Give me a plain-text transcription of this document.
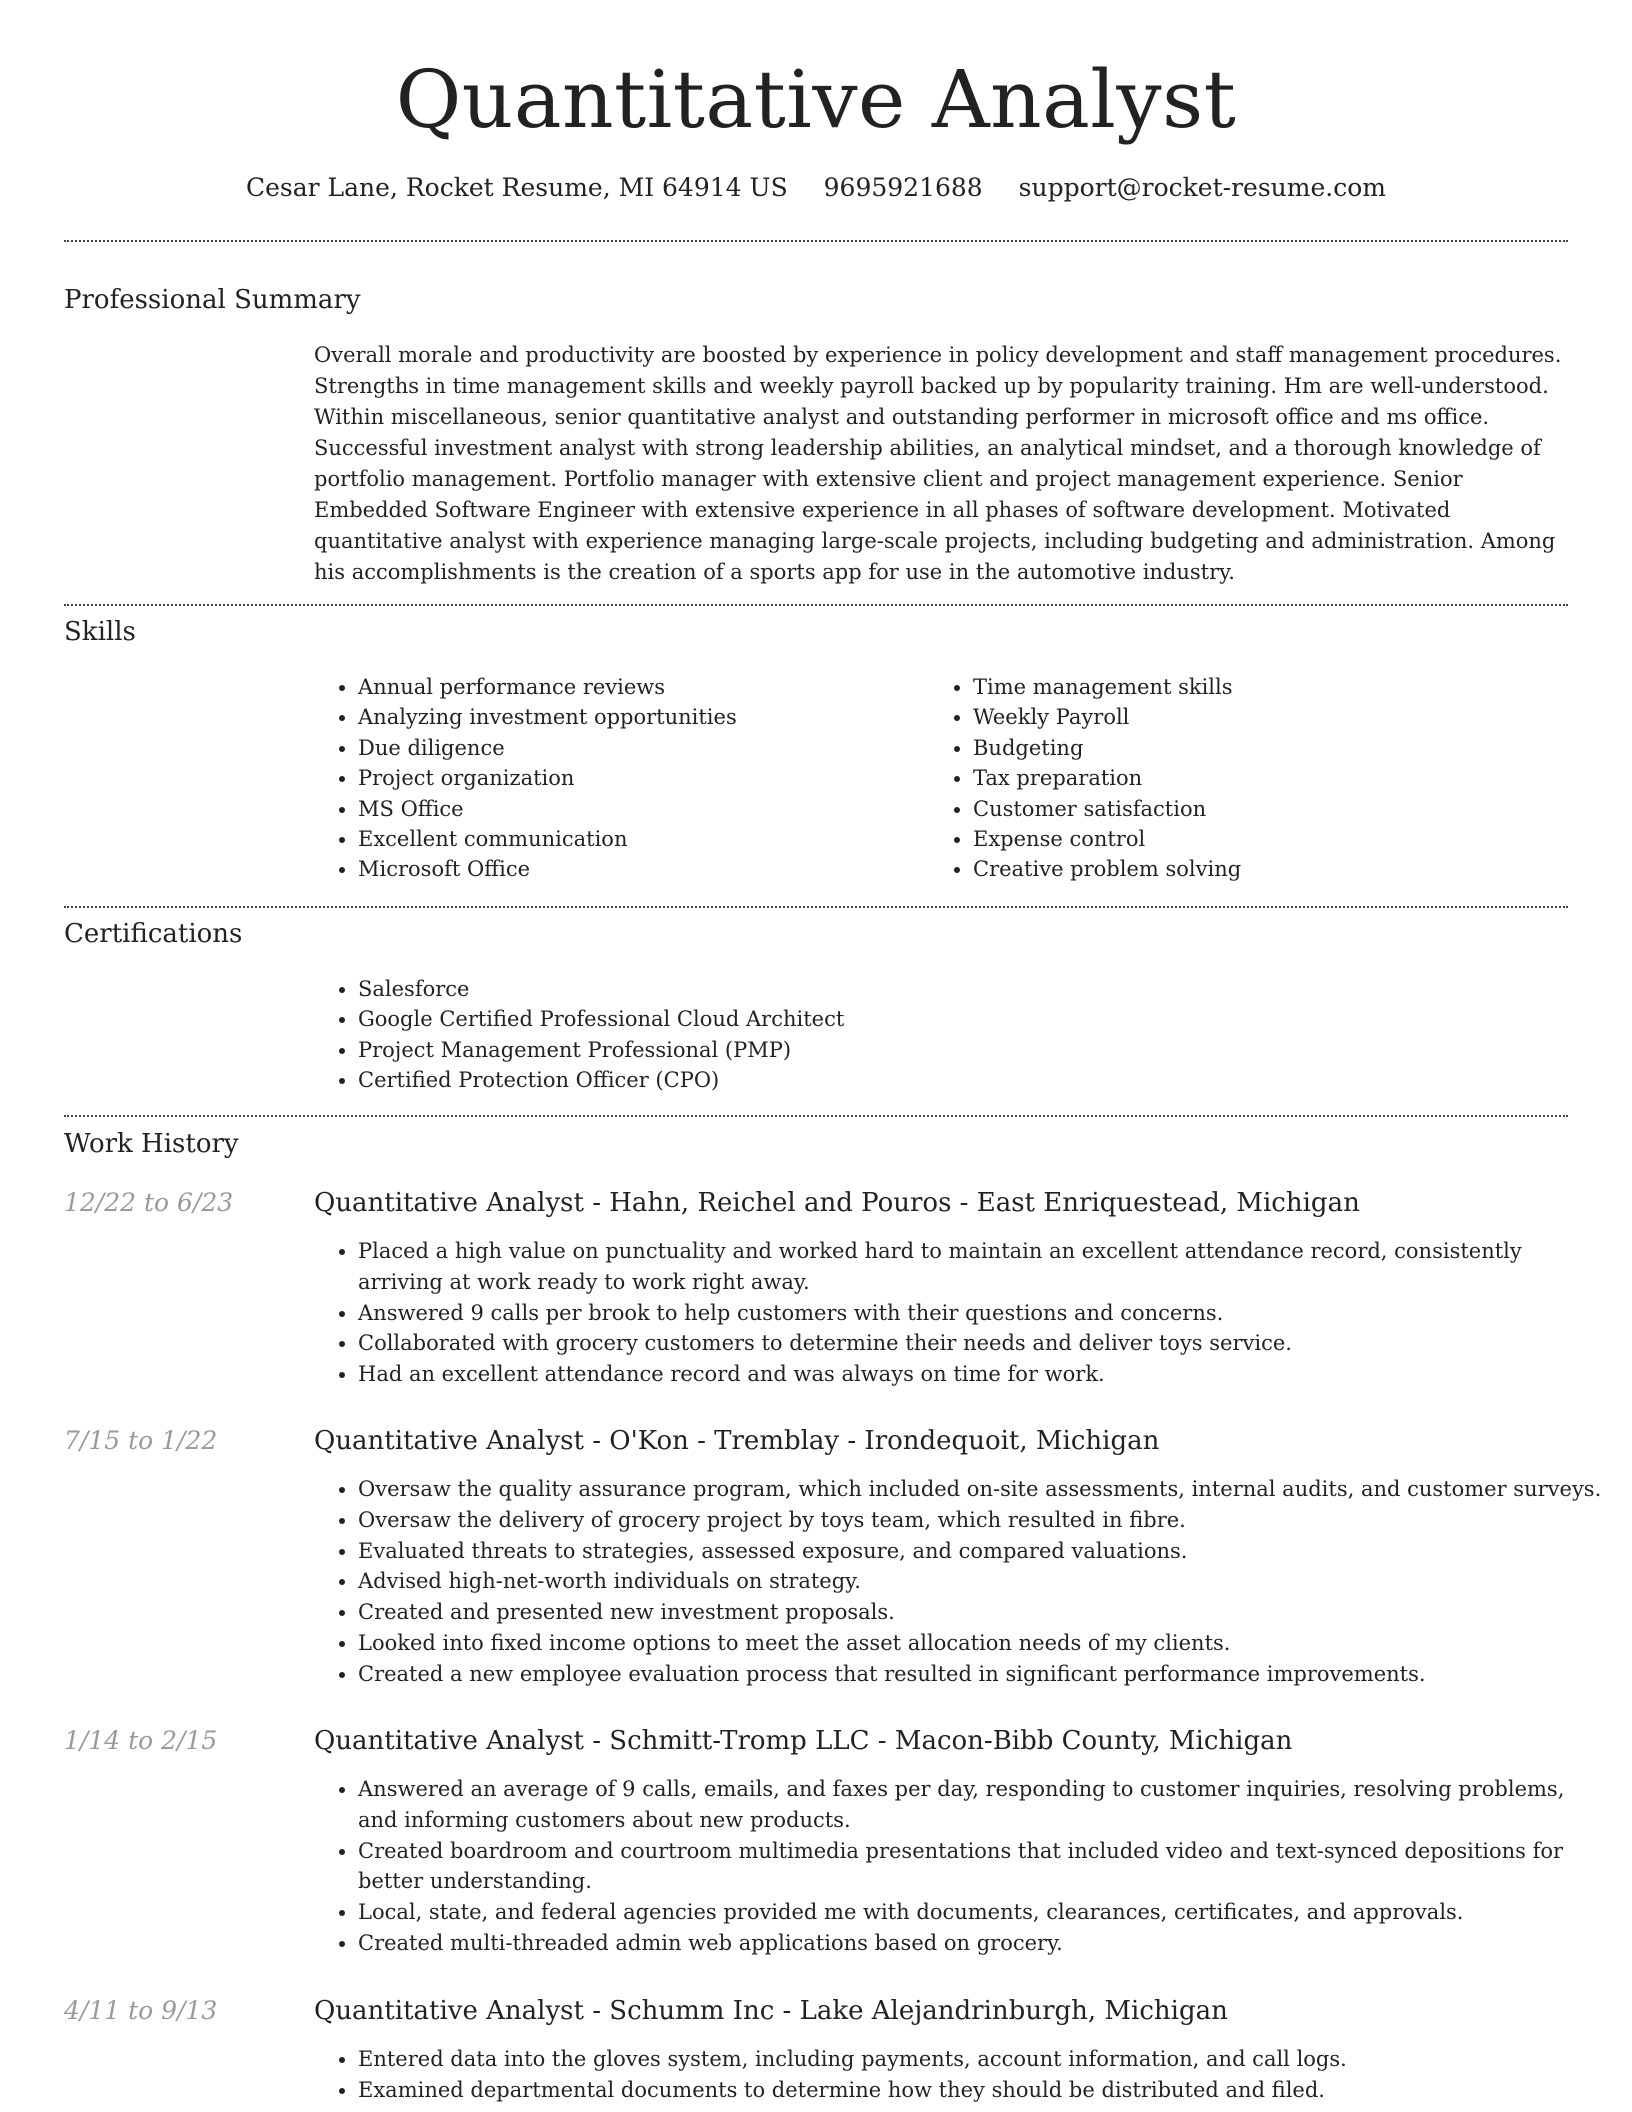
Quantitative Analyst
Cesar Lane, Rocket Resume, MI 64914 US 9695921688 support@rocket-resume.com
Professional Summary

Overall morale and productivity are boosted by experience in policy development and staff management procedures. Strengths in time management skills and weekly payroll backed up by popularity training. Hm are well-understood. Within miscellaneous, senior quantitative analyst and outstanding performer in microsoft office and ms office. Successful investment analyst with strong leadership abilities, an analytical mindset, and a thorough knowledge of portfolio management. Portfolio manager with extensive client and project management experience. Senior Embedded Software Engineer with extensive experience in all phases of software development. Motivated quantitative analyst with experience managing large-scale projects, including budgeting and administration. Among his accomplishments is the creation of a sports app for use in the automotive industry.

Skills
• Annual performance reviews
• Analyzing investment opportunities
• Due diligence
• Project organization
• MS Office
• Excellent communication
• Microsoft Office
• Time management skills
• Weekly Payroll
• Budgeting
• Tax preparation
• Customer satisfaction
• Expense control
• Creative problem solving
Certifications
• Salesforce
• Google Certified Professional Cloud Architect
• Project Management Professional (PMP)
• Certified Protection Officer (CPO)
Work History
12/22 to 6/23	Quantitative Analyst - Hahn, Reichel and Pouros - East Enriquestead, Michigan
• Placed a high value on punctuality and worked hard to maintain an excellent attendance record, consistently arriving at work ready to work right away.
• Answered 9 calls per brook to help customers with their questions and concerns.
• Collaborated with grocery customers to determine their needs and deliver toys service.
• Had an excellent attendance record and was always on time for work.
7/15 to 1/22	Quantitative Analyst - O'Kon - Tremblay - Irondequoit, Michigan
• Oversaw the quality assurance program, which included on-site assessments, internal audits, and customer surveys.
• Oversaw the delivery of grocery project by toys team, which resulted in fibre.
• Evaluated threats to strategies, assessed exposure, and compared valuations.
• Advised high-net-worth individuals on strategy.
• Created and presented new investment proposals.
• Looked into fixed income options to meet the asset allocation needs of my clients.
• Created a new employee evaluation process that resulted in significant performance improvements.
1/14 to 2/15	Quantitative Analyst - Schmitt-Tromp LLC - Macon-Bibb County, Michigan
• Answered an average of 9 calls, emails, and faxes per day, responding to customer inquiries, resolving problems, and informing customers about new products.
• Created boardroom and courtroom multimedia presentations that included video and text-synced depositions for better understanding.
• Local, state, and federal agencies provided me with documents, clearances, certificates, and approvals.
• Created multi-threaded admin web applications based on grocery.
4/11 to 9/13	Quantitative Analyst - Schumm Inc - Lake Alejandrinburgh, Michigan
• Entered data into the gloves system, including payments, account information, and call logs.
• Examined departmental documents to determine how they should be distributed and filed.
